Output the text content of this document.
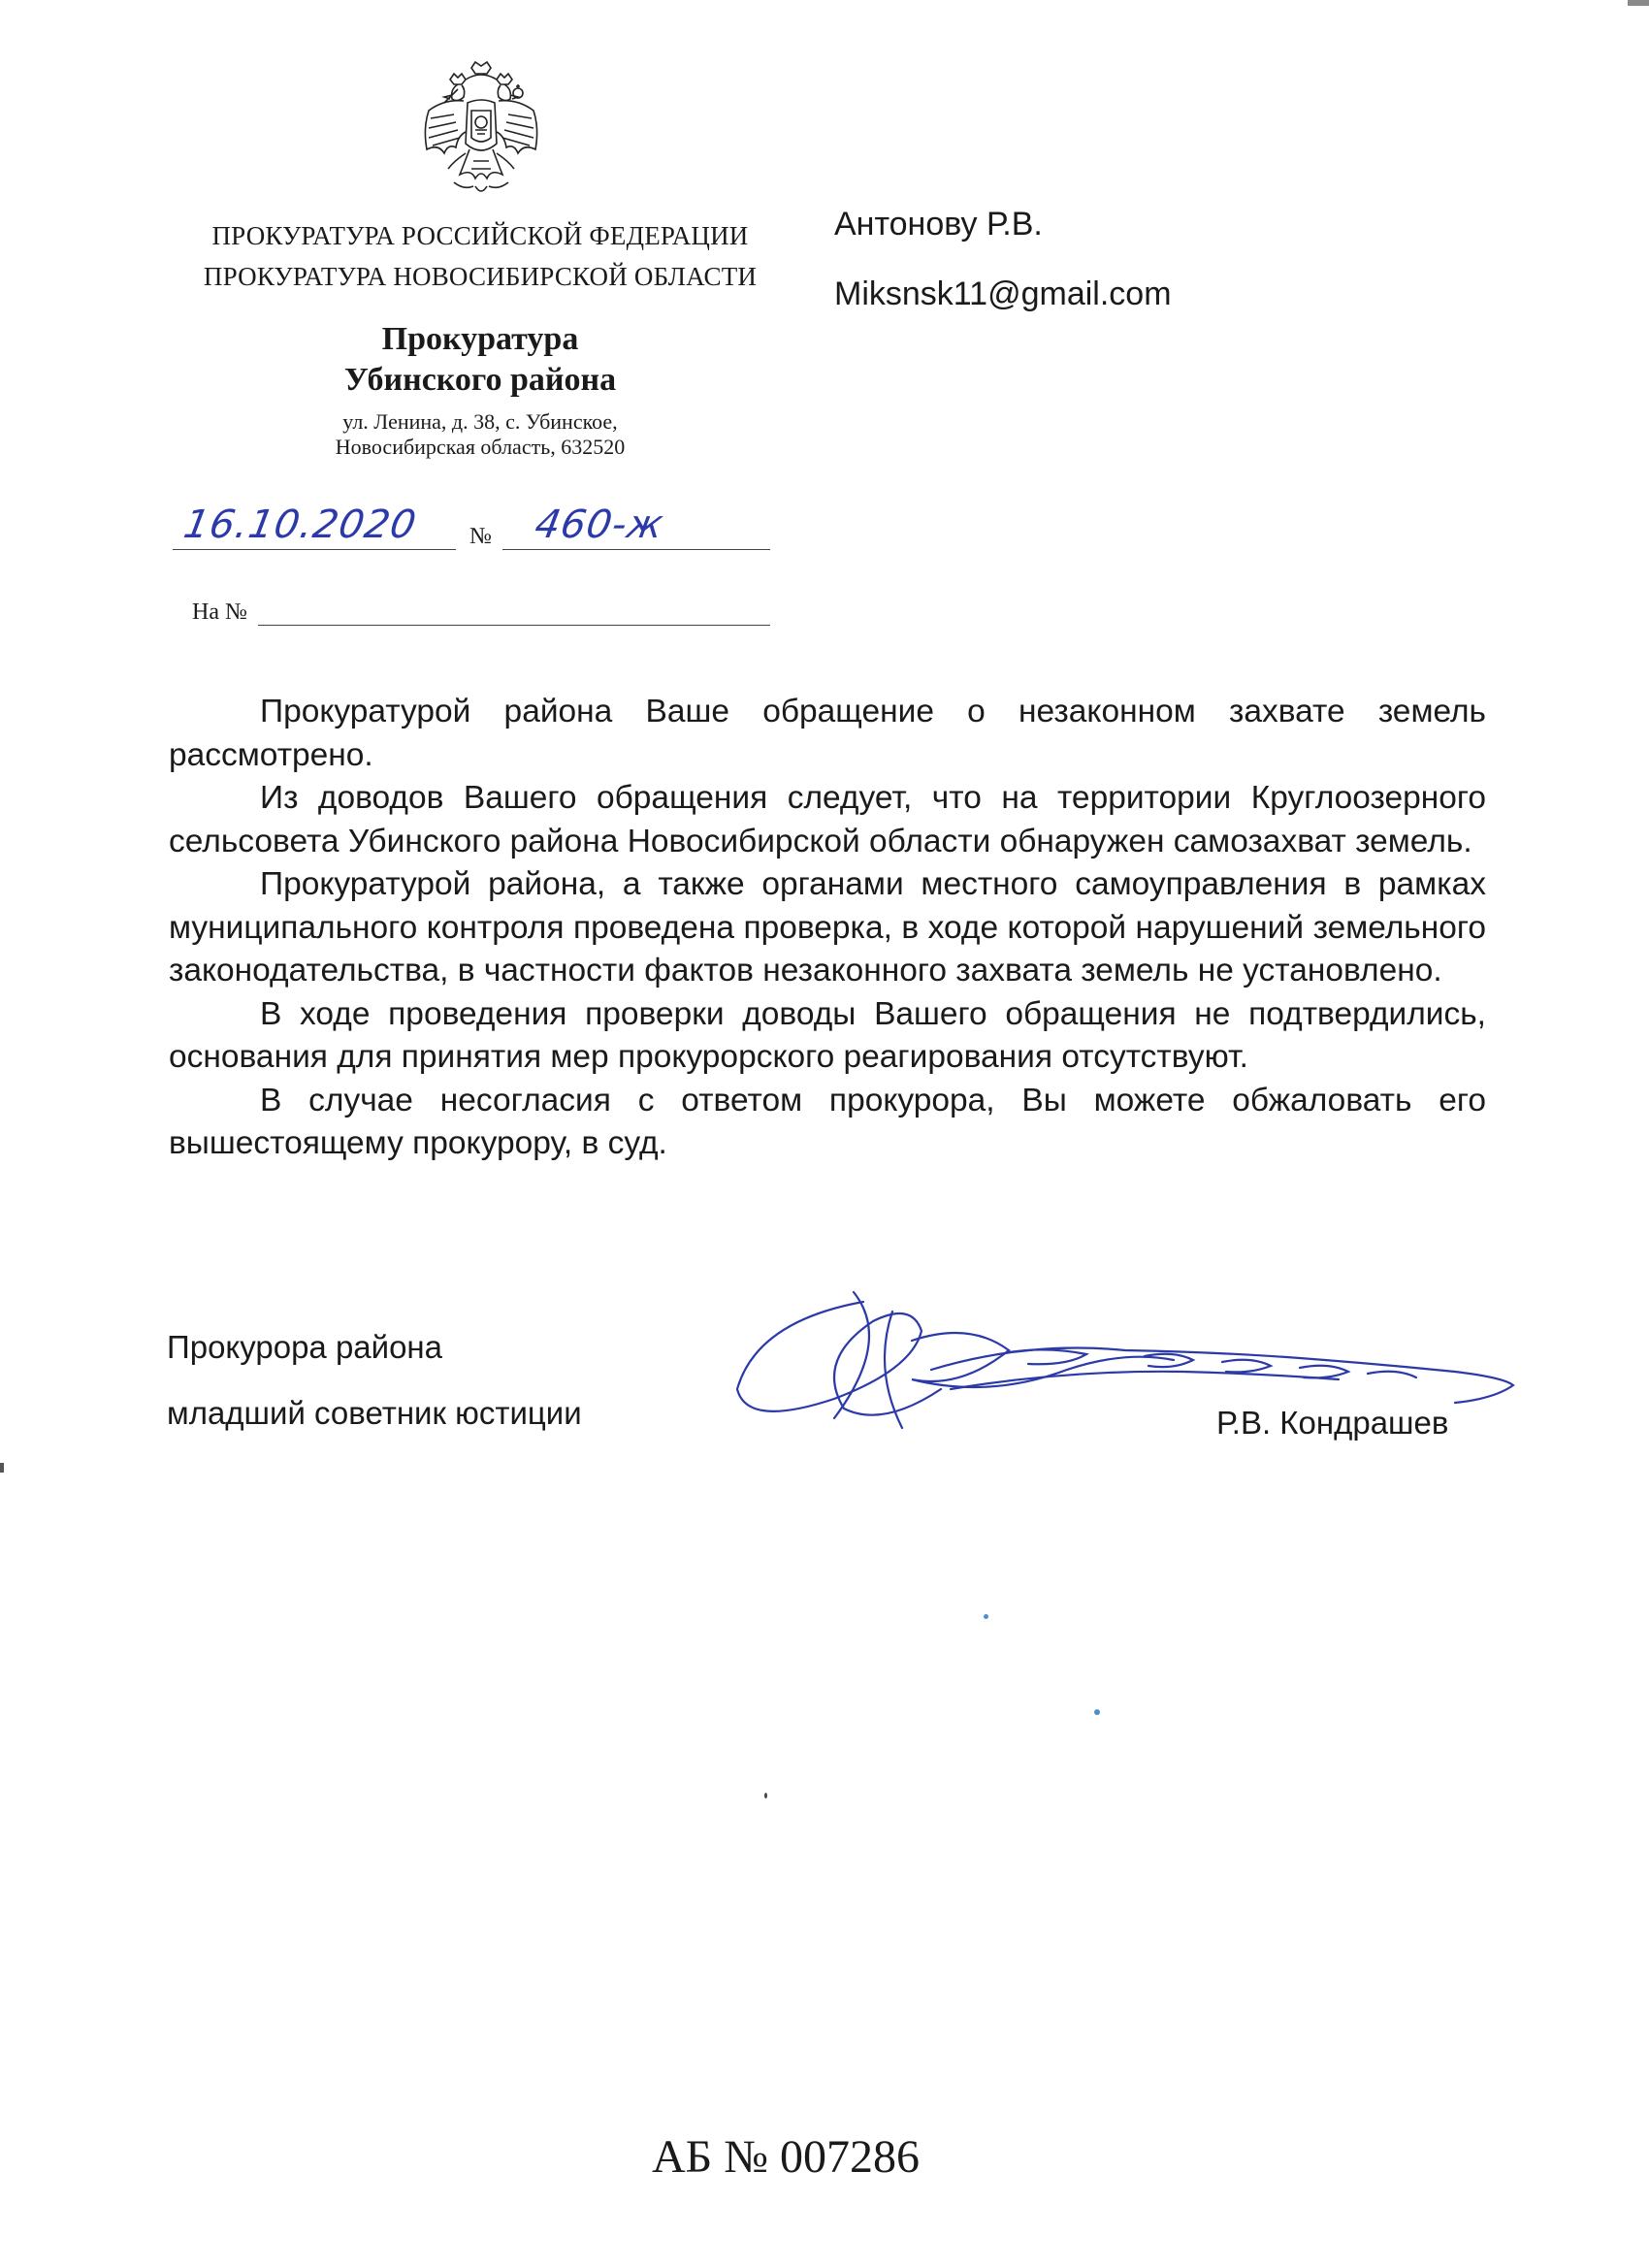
ПРОКУРАТУРА РОССИЙСКОЙ ФЕДЕРАЦИИ
ПРОКУРАТУРА НОВОСИБИРСКОЙ ОБЛАСТИ
Прокуратура
Убинского района
ул. Ленина, д. 38, с. Убинское,
Новосибирская область, 632520
Антонову Р.В.
Miksnsk11@gmail.com
16.10.2020 № 460-ж
На №

Прокуратурой района Ваше обращение о незаконном захвате земель рассмотрено.

Из доводов Вашего обращения следует, что на территории Круглоозерного сельсовета Убинского района Новосибирской области обнаружен самозахват земель.

Прокуратурой района, а также органами местного самоуправления в рамках муниципального контроля проведена проверка, в ходе которой нарушений земельного законодательства, в частности фактов незаконного захвата земель не установлено.

В ходе проведения проверки доводы Вашего обращения не подтвердились, основания для принятия мер прокурорского реагирования отсутствуют.

В случае несогласия с ответом прокурора, Вы можете обжаловать его вышестоящему прокурору, в суд.

Прокурора района
младший советник юстиции	Р.В. Кондрашев
АБ № 007286
